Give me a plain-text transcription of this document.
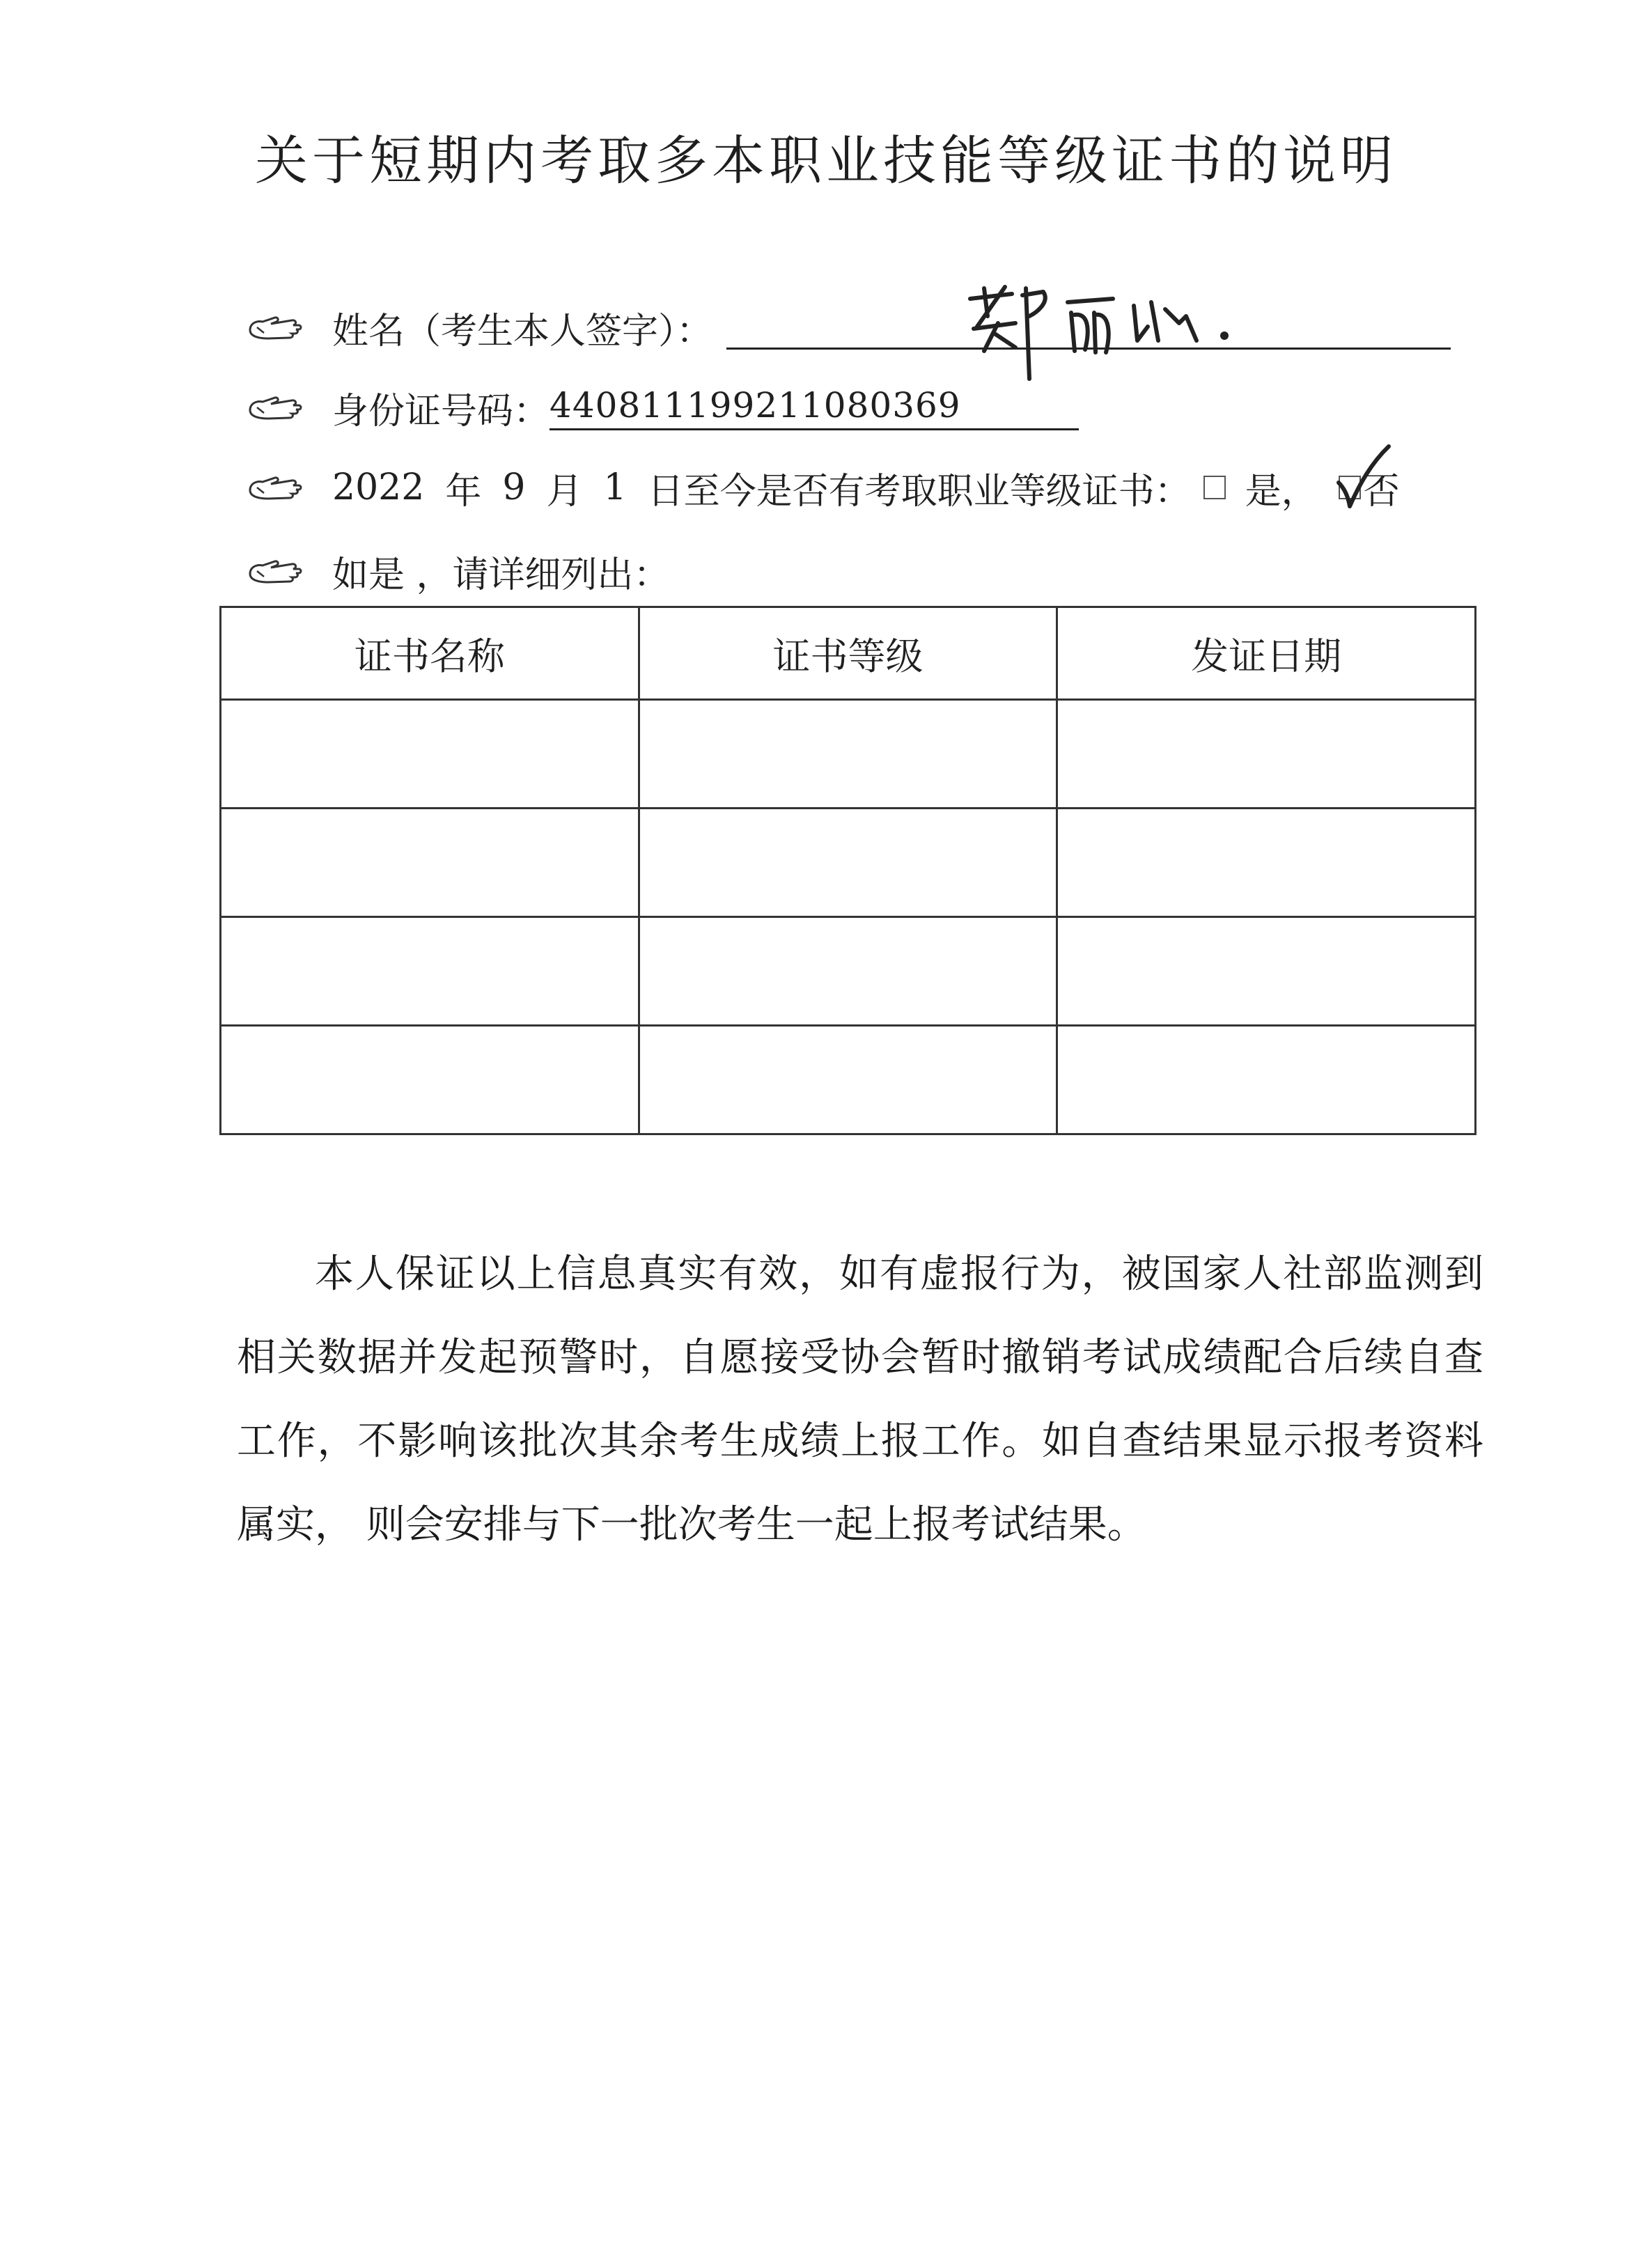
关于短期内考取多本职业技能等级证书的说明
姓名（考生本人签字）：
身份证号码： 440811199211080369
2022 年 9 月 1 日至今是否有考取职业等级证书： 是， 否
如是 ，请详细列出：
证书名称	证书等级	发证日期

本人保证以上信息真实有效，如有虚报行为，被国家人社部监测到相关数据并发起预警时，自愿接受协会暂时撤销考试成绩配合后续自查工作，不影响该批次其余考生成绩上报工作。如自查结果显示报考资料属实， 则会安排与下一批次考生一起上报考试结果。
